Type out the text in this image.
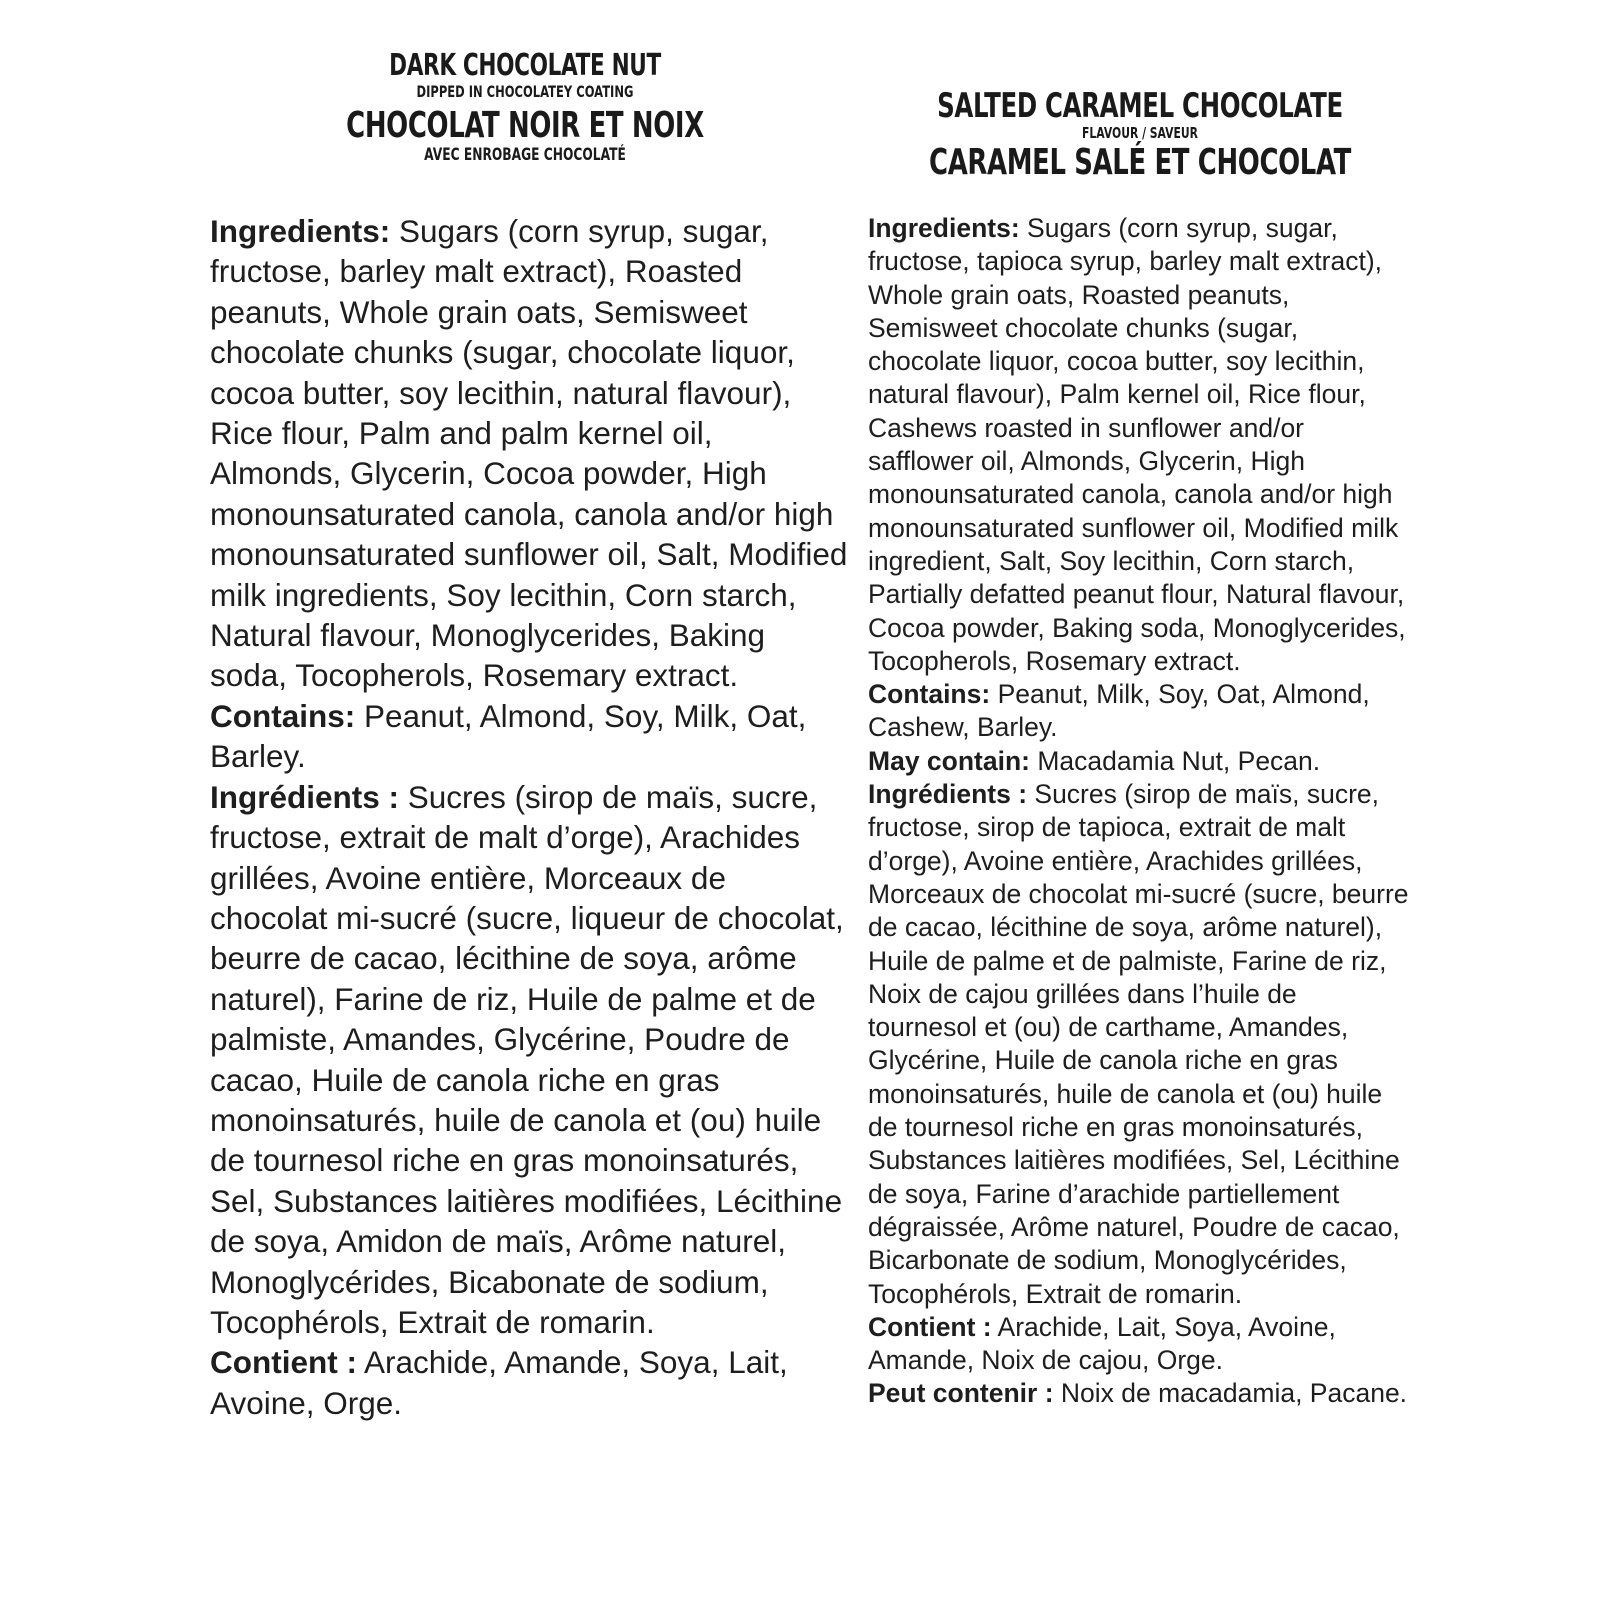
DARK CHOCOLATE NUT
DIPPED IN CHOCOLATEY COATING
CHOCOLAT NOIR ET NOIX
AVEC ENROBAGE CHOCOLATÉ
SALTED CARAMEL CHOCOLATE
FLAVOUR / SAVEUR
CARAMEL SALÉ ET CHOCOLAT

Ingredients: Sugars (corn syrup, sugar, fructose, barley malt extract), Roasted peanuts, Whole grain oats, Semisweet chocolate chunks (sugar, chocolate liquor, cocoa butter, soy lecithin, natural flavour), Rice flour, Palm and palm kernel oil, Almonds, Glycerin, Cocoa powder, High monounsaturated canola, canola and/or high monounsaturated sunflower oil, Salt, Modified milk ingredients, Soy lecithin, Corn starch, Natural flavour, Monoglycerides, Baking soda, Tocopherols, Rosemary extract.

Contains: Peanut, Almond, Soy, Milk, Oat, Barley.

Ingrédients : Sucres (sirop de maïs, sucre, fructose, extrait de malt d’orge), Arachides grillées, Avoine entière, Morceaux de chocolat mi-sucré (sucre, liqueur de chocolat, beurre de cacao, lécithine de soya, arôme naturel), Farine de riz, Huile de palme et de palmiste, Amandes, Glycérine, Poudre de cacao, Huile de canola riche en gras monoinsaturés, huile de canola et (ou) huile de tournesol riche en gras monoinsaturés, Sel, Substances laitières modifiées, Lécithine de soya, Amidon de maïs, Arôme naturel, Monoglycérides, Bicabonate de sodium, Tocophérols, Extrait de romarin.

Contient : Arachide, Amande, Soya, Lait, Avoine, Orge.

Ingredients: Sugars (corn syrup, sugar, fructose, tapioca syrup, barley malt extract), Whole grain oats, Roasted peanuts, Semisweet chocolate chunks (sugar, chocolate liquor, cocoa butter, soy lecithin, natural flavour), Palm kernel oil, Rice flour, Cashews roasted in sunflower and/or safflower oil, Almonds, Glycerin, High monounsaturated canola, canola and/or high monounsaturated sunflower oil, Modified milk ingredient, Salt, Soy lecithin, Corn starch, Partially defatted peanut flour, Natural flavour, Cocoa powder, Baking soda, Monoglycerides, Tocopherols, Rosemary extract.

Contains: Peanut, Milk, Soy, Oat, Almond, Cashew, Barley.

May contain: Macadamia Nut, Pecan.

Ingrédients : Sucres (sirop de maïs, sucre, fructose, sirop de tapioca, extrait de malt d’orge), Avoine entière, Arachides grillées, Morceaux de chocolat mi-sucré (sucre, beurre de cacao, lécithine de soya, arôme naturel), Huile de palme et de palmiste, Farine de riz, Noix de cajou grillées dans l’huile de tournesol et (ou) de carthame, Amandes, Glycérine, Huile de canola riche en gras monoinsaturés, huile de canola et (ou) huile de tournesol riche en gras monoinsaturés, Substances laitières modifiées, Sel, Lécithine de soya, Farine d’arachide partiellement dégraissée, Arôme naturel, Poudre de cacao, Bicarbonate de sodium, Monoglycérides, Tocophérols, Extrait de romarin.

Contient : Arachide, Lait, Soya, Avoine, Amande, Noix de cajou, Orge.

Peut contenir : Noix de macadamia, Pacane.
